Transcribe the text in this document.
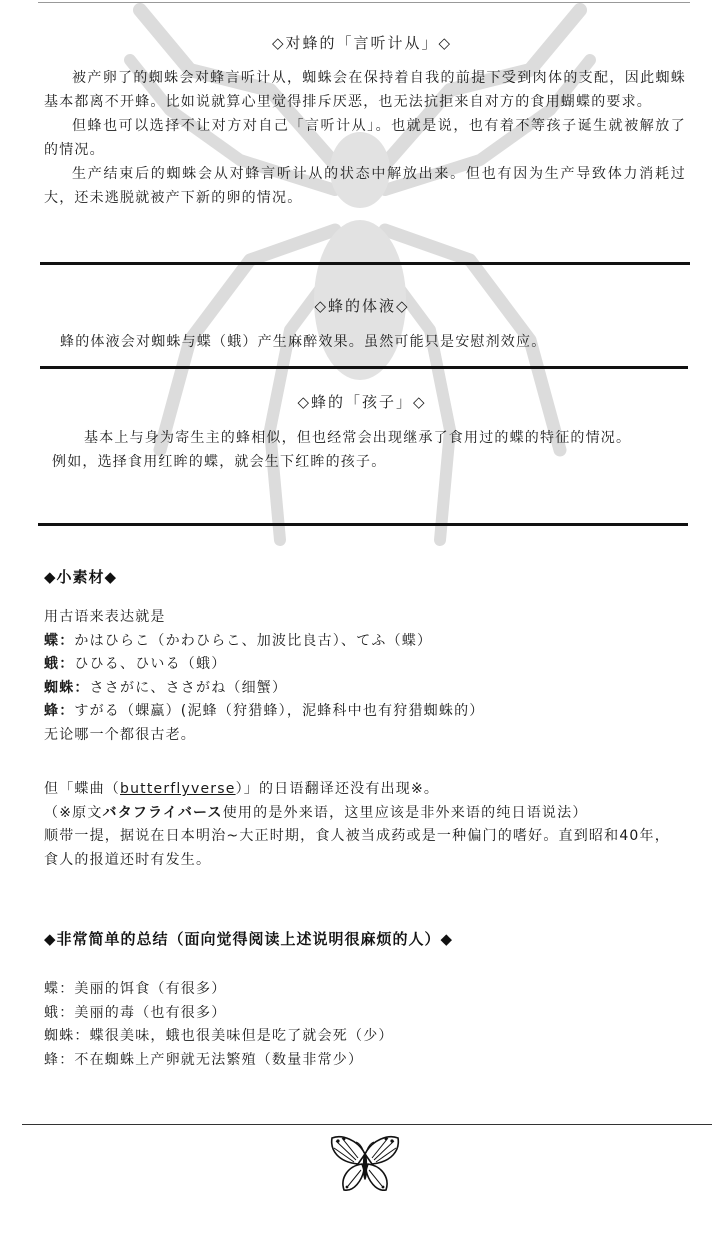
◇对蜂的「言听计从」◇

被产卵了的蜘蛛会对蜂言听计从，蜘蛛会在保持着自我的前提下受到肉体的支配，因此蜘蛛基本都离不开蜂。比如说就算心里觉得排斥厌恶，也无法抗拒来自对方的食用蝴蝶的要求。

但蜂也可以选择不让对方对自己「言听计从」。也就是说，也有着不等孩子诞生就被解放了的情况。

生产结束后的蜘蛛会从对蜂言听计从的状态中解放出来。但也有因为生产导致体力消耗过大，还未逃脱就被产下新的卵的情况。

◇蜂的体液◇

蜂的体液会对蜘蛛与蝶（蛾）产生麻醉效果。虽然可能只是安慰剂效应。

◇蜂的「孩子」◇

基本上与身为寄生主的蜂相似，但也经常会出现继承了食用过的蝶的特征的情况。

例如，选择食用红眸的蝶，就会生下红眸的孩子。

◆小素材◆
用古语来表达就是
蝶：かはひらこ（かわひらこ、加波比良古）、てふ（蝶）
蛾：ひひる、ひいる（蛾）
蜘蛛：ささがに、ささがね（细蟹）
蜂：すがる（蜾蠃）(泥蜂（狩猎蜂），泥蜂科中也有狩猎蜘蛛的）
无论哪一个都很古老。
但「蝶曲（butterflyverse）」的日语翻译还没有出现※。
（※原文バタフライバース使用的是外来语，这里应该是非外来语的纯日语说法）
顺带一提，据说在日本明治~大正时期，食人被当成药或是一种偏门的嗜好。直到昭和40年，食人的报道还时有发生。
◆非常简单的总结（面向觉得阅读上述说明很麻烦的人）◆
蝶：美丽的饵食（有很多）
蛾：美丽的毒（也有很多）
蜘蛛：蝶很美味，蛾也很美味但是吃了就会死（少）
蜂：不在蜘蛛上产卵就无法繁殖（数量非常少）
